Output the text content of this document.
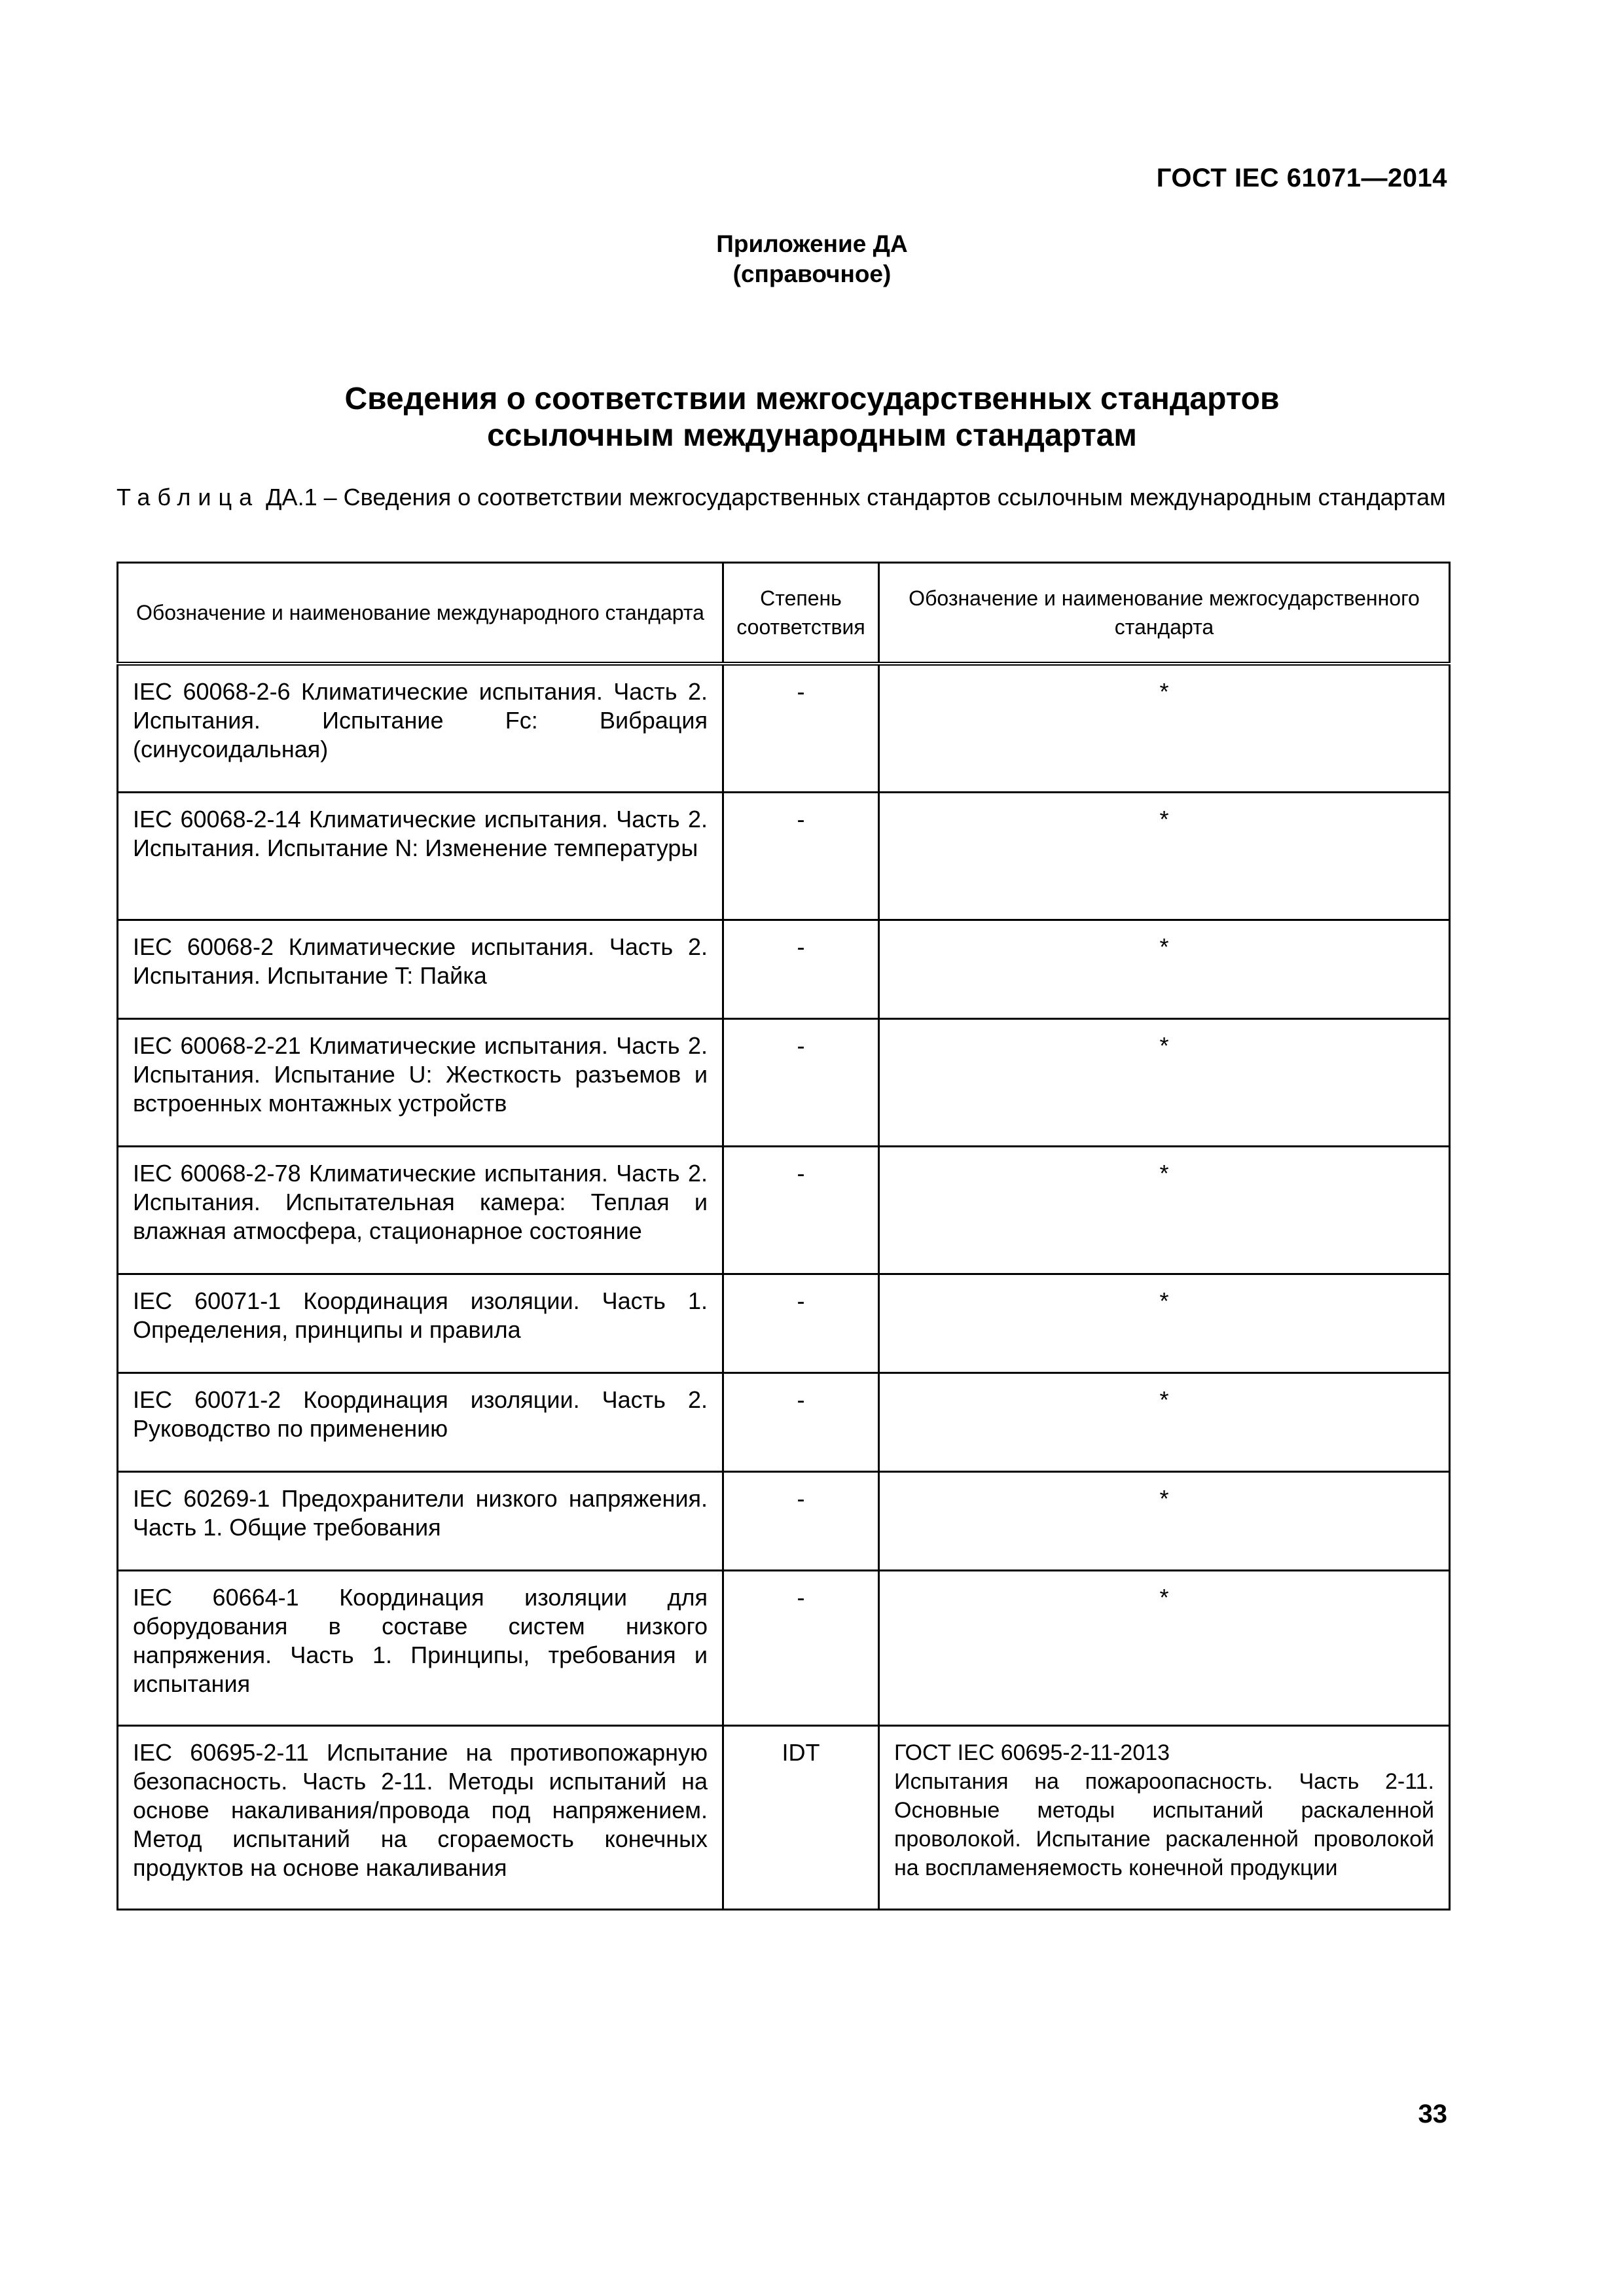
ГОСТ IEC 61071—2014
Приложение ДА
(справочное)
Сведения о соответствии межгосударственных стандартов
ссылочным международным стандартам
Таблица ДА.1 – Сведения о соответствии межгосударственных стандартов ссылочным международным стандартам
Обозначение и наименование международного стандарта	Степень соответствия	Обозначение и наименование межгосударственного стандарта
IEC 60068-2-6 Климатические испытания. Часть 2. Испытания. Испытание Fc: Вибрация (синусоидальная)	-	*
IEC 60068-2-14 Климатические испытания. Часть 2. Испытания. Испытание N: Изменение температуры	-	*
IEC 60068-2 Климатические испытания. Часть 2. Испытания. Испытание T: Пайка	-	*
IEC 60068-2-21 Климатические испытания. Часть 2. Испытания. Испытание U: Жесткость разъемов и встроенных монтажных устройств	-	*
IEC 60068-2-78 Климатические испытания. Часть 2. Испытания. Испытательная камера: Теплая и влажная атмосфера, стационарное состояние	-	*
IEC 60071-1 Координация изоляции. Часть 1. Определения, принципы и правила	-	*
IEC 60071-2 Координация изоляции. Часть 2. Руководство по применению	-	*
IEC 60269-1 Предохранители низкого напряжения. Часть 1. Общие требования	-	*
IEC 60664-1 Координация изоляции для оборудования в составе систем низкого напряжения. Часть 1. Принципы, требования и испытания	-	*
IEC 60695-2-11 Испытание на противопожарную безопасность. Часть 2-11. Методы испытаний на основе накаливания/провода под напряжением. Метод испытаний на сгораемость конечных продуктов на основе накаливания	IDT	ГОСТ IEC 60695-2-11-2013
Испытания на пожароопасность. Часть 2-11. Основные методы испытаний раскаленной проволокой. Испытание раскаленной проволокой на воспламеняемость конечной продукции
33
